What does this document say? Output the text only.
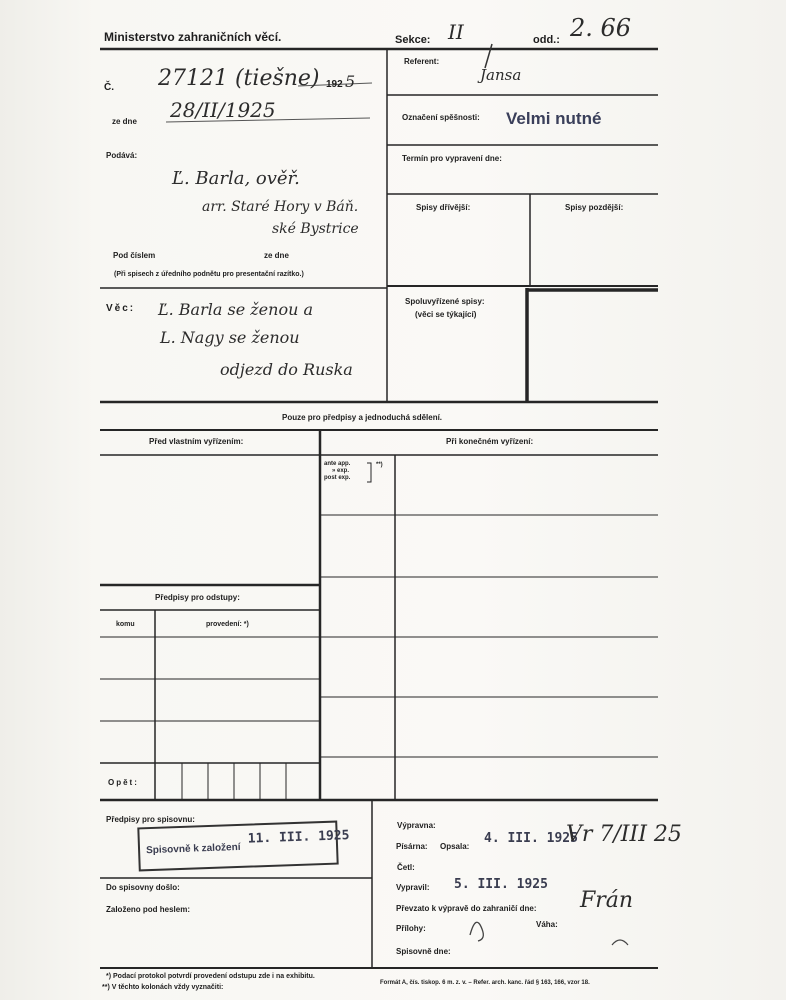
Ministerstvo zahraničních věcí.	Sekce: II	odd.: 2. 66
Č. 27121 (tiešne) 192 5
ze dne 28/II/1925
Podává:
Ľ. Barla, ověř.
arr. Staré Hory v Báň.
ské Bystrice
Pod číslem	ze dne
(Při spisech z úředního podnětu pro presentační razítko.)
Věc: Ľ. Barla se ženou a
L. Nagy se ženou
odjezd do Ruska
Referent:
Jansa
Označení spěšnosti: Velmi nutné
Termín pro vypravení dne:
Spisy dřívější:	Spisy pozdější:
Spoluvyřízené spisy:
(věci se týkající)
Pouze pro předpisy a jednoduchá sdělení.
Před vlastním vyřízením:	Při konečném vyřízení:
ante app.
» exp.
post exp.
**)
Předpisy pro odstupy:
komu	provedení: *)
Opět:
Předpisy pro spisovnu:
Spisovně k založení
11. III. 1925
Do spisovny došlo:
Založeno pod heslem:
Výpravna:
Písárna: Opsala:
4. III. 1925
Vr 7/III 25
Četl:
Vypravil: 5. III. 1925
Převzato k výpravě do zahraničí dne: Frán
Přílohy:	Váha:
Spisovně dne:
*) Podací protokol potvrdí provedení odstupu zde i na exhibitu.
**) V těchto kolonách vždy vyznačiti:
Formát A, čís. tiskop. 6 m. z. v. – Refer. arch. kanc. řád § 163, 166, vzor 18.
